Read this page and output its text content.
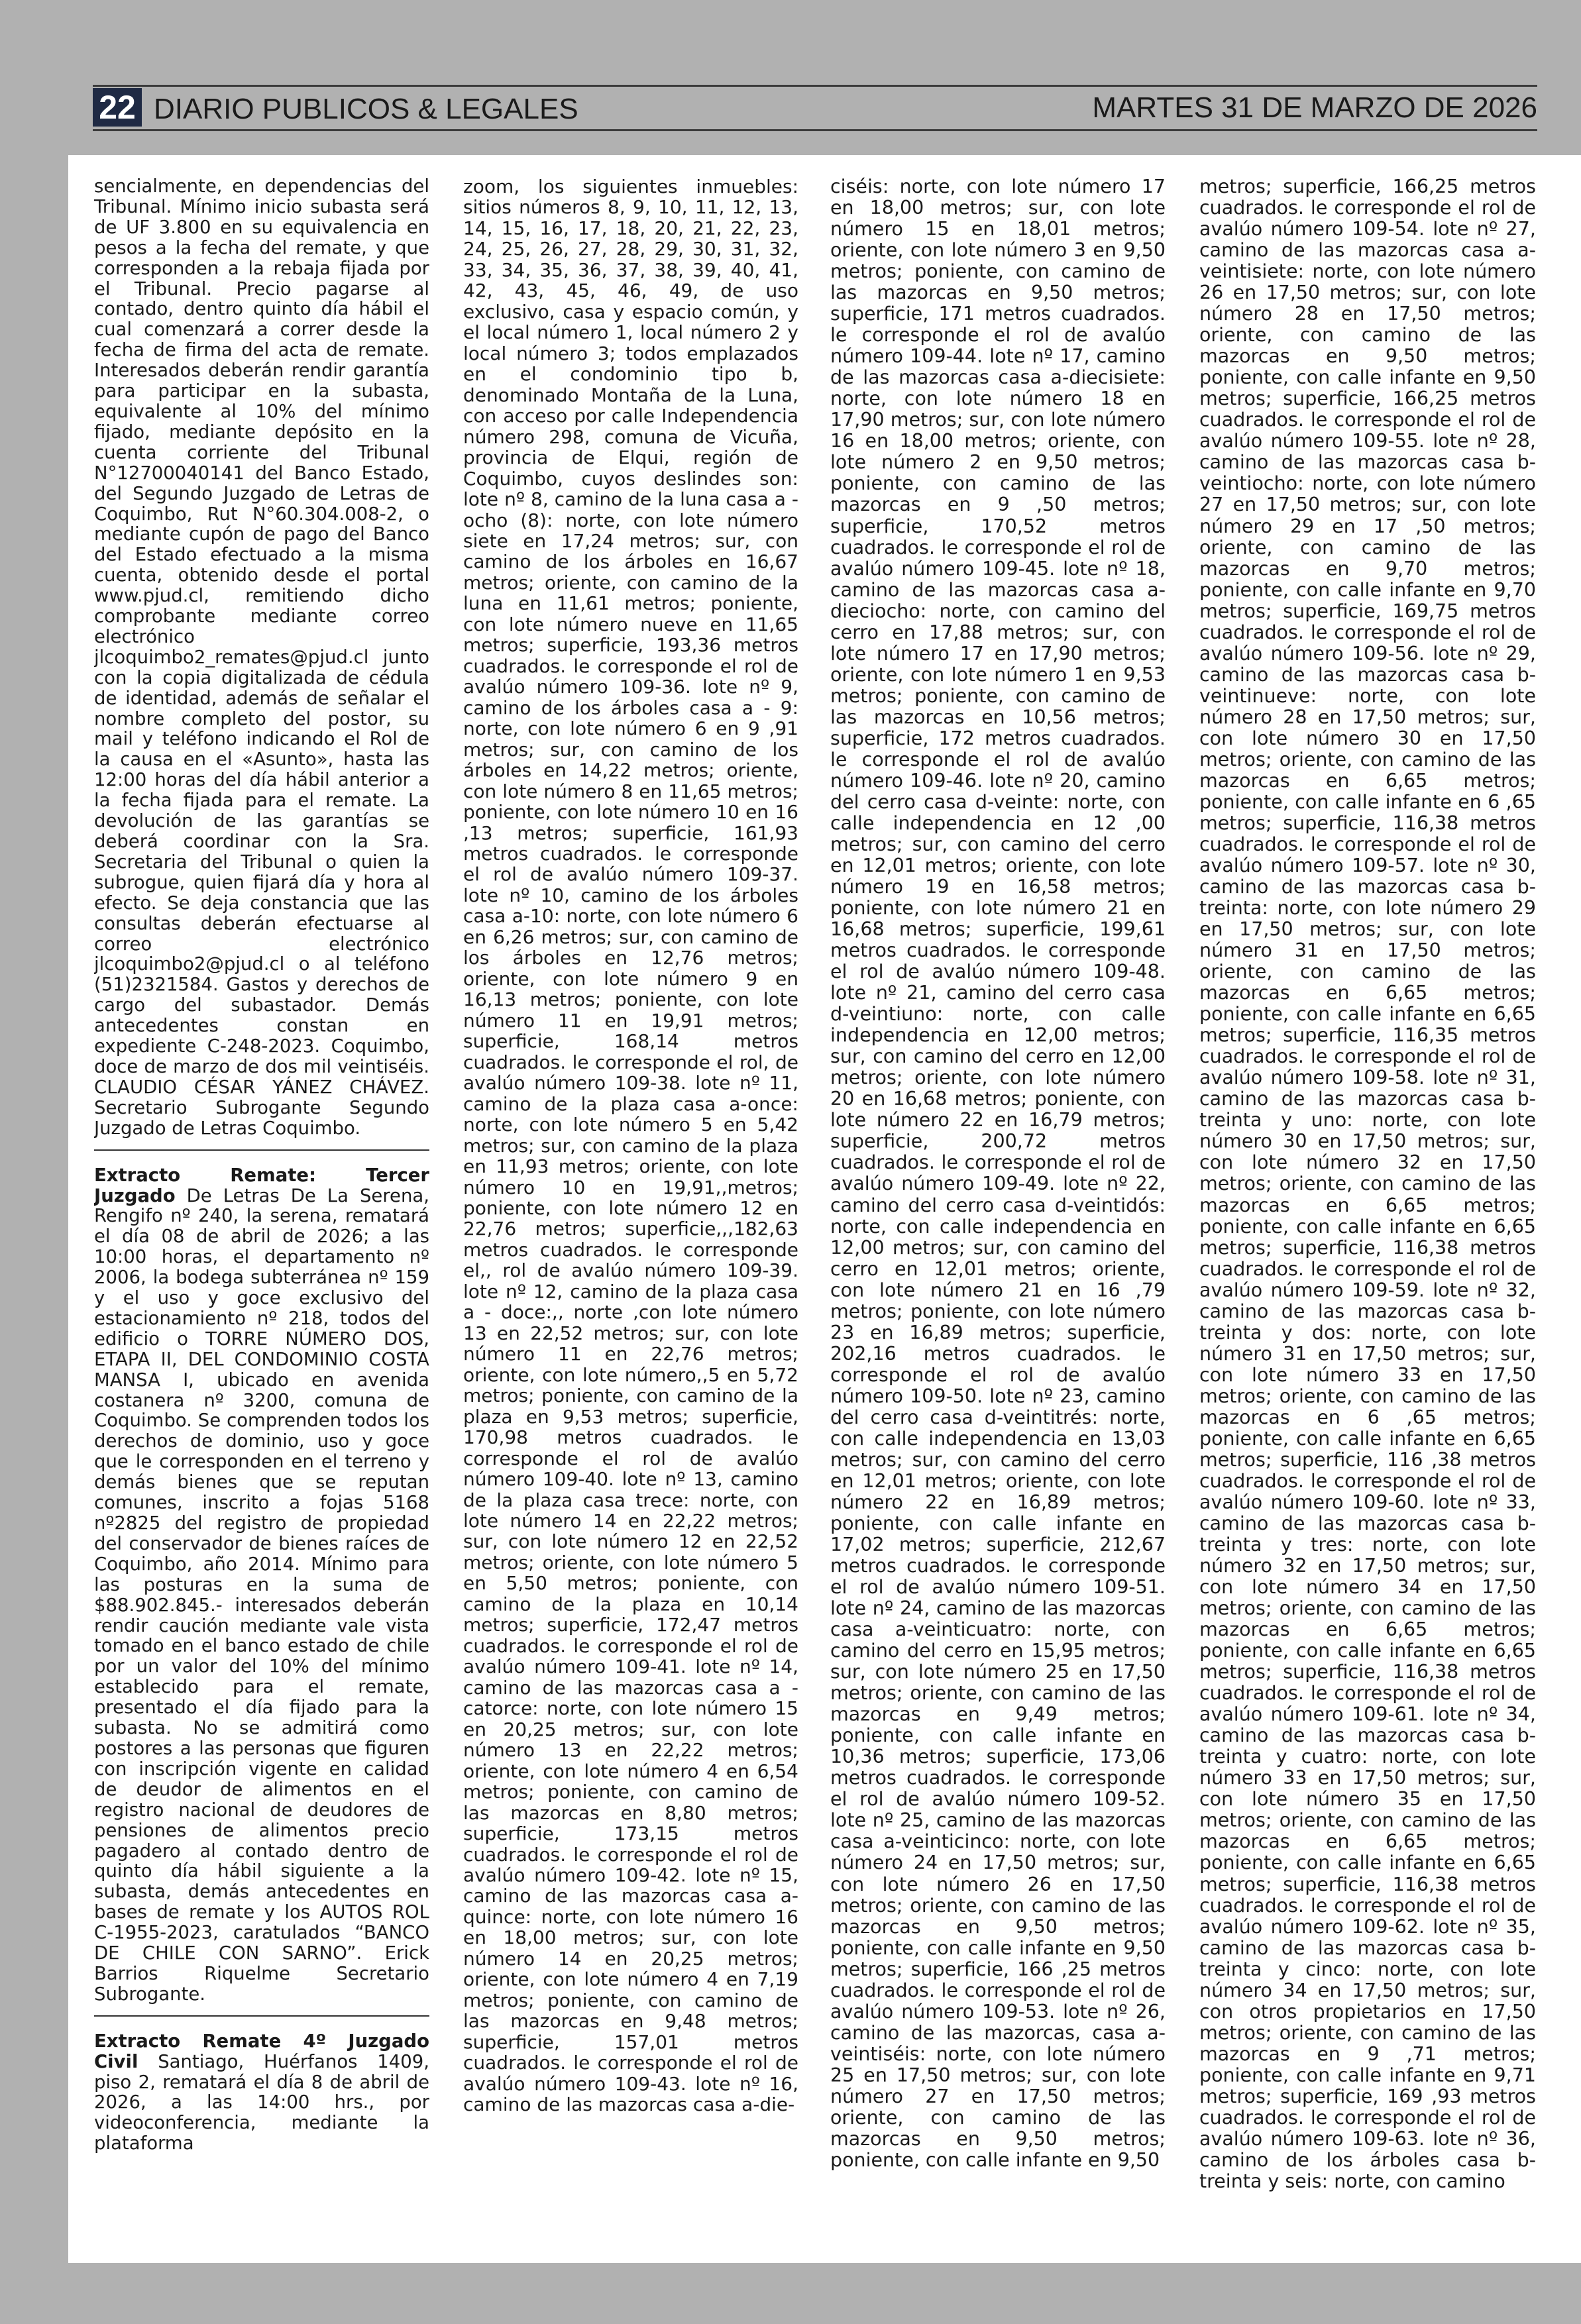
22 DIARIO PUBLICOS & LEGALES	MARTES 31 DE MARZO DE 2026

sencialmente, en dependencias del Tribunal. Mínimo inicio subasta será de UF 3.800 en su equivalencia en pesos a la fecha del remate, y que corresponden a la rebaja fijada por el Tribunal. Precio pagarse al contado, dentro quinto día hábil el cual comenzará a correr desde la fecha de firma del acta de remate. Interesados deberán rendir garantía para participar en la subasta, equivalente al 10% del mínimo fijado, mediante depósito en la cuenta corriente del Tribunal N°12700040141 del Banco Estado, del Segundo Juzgado de Letras de Coquimbo, Rut N°60.304.008-2, o mediante cupón de pago del Banco del Estado efectuado a la misma cuenta, obtenido desde el portal www.pjud.cl, remitiendo dicho comprobante mediante correo electrónico jlcoquimbo2_remates@pjud.cl junto con la copia digitalizada de cédula de identidad, además de señalar el nombre completo del postor, su mail y teléfono indicando el Rol de la causa en el «Asunto», hasta las 12:00 horas del día hábil anterior a la fecha fijada para el remate. La devolución de las garantías se deberá coordinar con la Sra. Secretaria del Tribunal o quien la subrogue, quien fijará día y hora al efecto. Se deja constancia que las consultas deberán efectuarse al correo electrónico jlcoquimbo2@pjud.cl o al teléfono (51)2321584. Gastos y derechos de cargo del subastador. Demás antecedentes constan en expediente C-248-2023. Coquimbo, doce de marzo de dos mil veintiséis. CLAUDIO CÉSAR YÁNEZ CHÁVEZ. Secretario Subrogante Segundo Juzgado de Letras Coquimbo.

Extracto Remate: Tercer Juzgado De Letras De La Serena, Rengifo nº 240, la serena, rematará el día 08 de abril de 2026; a las 10:00 horas, el departamento nº 2006, la bodega subterránea nº 159 y el uso y goce exclusivo del estacionamiento nº 218, todos del edificio o TORRE NÚMERO DOS, ETAPA II, DEL CONDOMINIO COSTA MANSA I, ubicado en avenida costanera nº 3200, comuna de Coquimbo. Se comprenden todos los derechos de dominio, uso y goce que le corresponden en el terreno y demás bienes que se reputan comunes, inscrito a fojas 5168 nº2825 del registro de propiedad del conservador de bienes raíces de Coquimbo, año 2014. Mínimo para las posturas en la suma de $88.902.845.- interesados deberán rendir caución mediante vale vista tomado en el banco estado de chile por un valor del 10% del mínimo establecido para el remate, presentado el día fijado para la subasta. No se admitirá como postores a las personas que figuren con inscripción vigente en calidad de deudor de alimentos en el registro nacional de deudores de pensiones de alimentos precio pagadero al contado dentro de quinto día hábil siguiente a la subasta, demás antecedentes en bases de remate y los AUTOS ROL C-1955-2023, caratulados “BANCO DE CHILE CON SARNO”. Erick Barrios Riquelme Secretario Subrogante.

Extracto Remate 4º Juzgado Civil Santiago, Huérfanos 1409, piso 2, rematará el día 8 de abril de 2026, a las 14:00 hrs., por videoconferencia, mediante la plataforma

zoom, los siguientes inmuebles: sitios números 8, 9, 10, 11, 12, 13, 14, 15, 16, 17, 18, 20, 21, 22, 23, 24, 25, 26, 27, 28, 29, 30, 31, 32, 33, 34, 35, 36, 37, 38, 39, 40, 41, 42, 43, 45, 46, 49, de uso exclusivo, casa y espacio común, y el local número 1, local número 2 y local número 3; todos emplazados en el condominio tipo b, denominado Montaña de la Luna, con acceso por calle Independencia número 298, comuna de Vicuña, provincia de Elqui, región de Coquimbo, cuyos deslindes son: lote nº 8, camino de la luna casa a - ocho (8): norte, con lote número siete en 17,24 metros; sur, con camino de los árboles en 16,67 metros; oriente, con camino de la luna en 11,61 metros; poniente, con lote número nueve en 11,65 metros; superficie, 193,36 metros cuadrados. le corresponde el rol de avalúo número 109-36. lote nº 9, camino de los árboles casa a - 9: norte, con lote número 6 en 9 ,91 metros; sur, con camino de los árboles en 14,22 metros; oriente, con lote número 8 en 11,65 metros; poniente, con lote número 10 en 16 ,13 metros; superficie, 161,93 metros cuadrados. le corresponde el rol de avalúo número 109-37. lote nº 10, camino de los árboles casa a-10: norte, con lote número 6 en 6,26 metros; sur, con camino de los árboles en 12,76 metros; oriente, con lote número 9 en 16,13 metros; poniente, con lote número 11 en 19,91 metros; superficie, 168,14 metros cuadrados. le corresponde el rol, de avalúo número 109-38. lote nº 11, camino de la plaza casa a-once: norte, con lote número 5 en 5,42 metros; sur, con camino de la plaza en 11,93 metros; oriente, con lote número 10 en 19,91,,metros; poniente, con lote número 12 en 22,76 metros; superficie,,,182,63 metros cuadrados. le corresponde el,, rol de avalúo número 109-39. lote nº 12, camino de la plaza casa a - doce:,, norte ,con lote número 13 en 22,52 metros; sur, con lote número 11 en 22,76 metros; oriente, con lote número,,5 en 5,72 metros; poniente, con camino de la plaza en 9,53 metros; superficie, 170,98 metros cuadrados. le corresponde el rol de avalúo número 109-40. lote nº 13, camino de la plaza casa trece: norte, con lote número 14 en 22,22 metros; sur, con lote número 12 en 22,52 metros; oriente, con lote número 5 en 5,50 metros; poniente, con camino de la plaza en 10,14 metros; superficie, 172,47 metros cuadrados. le corresponde el rol de avalúo número 109-41. lote nº 14, camino de las mazorcas casa a - catorce: norte, con lote número 15 en 20,25 metros; sur, con lote número 13 en 22,22 metros; oriente, con lote número 4 en 6,54 metros; poniente, con camino de las mazorcas en 8,80 metros; superficie, 173,15 metros cuadrados. le corresponde el rol de avalúo número 109-42. lote nº 15, camino de las mazorcas casa a-quince: norte, con lote número 16 en 18,00 metros; sur, con lote número 14 en 20,25 metros; oriente, con lote número 4 en 7,19 metros; poniente, con camino de las mazorcas en 9,48 metros; superficie, 157,01 metros cuadrados. le corresponde el rol de avalúo número 109-43. lote nº 16, camino de las mazorcas casa a-die-

ciséis: norte, con lote número 17 en 18,00 metros; sur, con lote número 15 en 18,01 metros; oriente, con lote número 3 en 9,50 metros; poniente, con camino de las mazorcas en 9,50 metros; superficie, 171 metros cuadrados. le corresponde el rol de avalúo número 109-44. lote nº 17, camino de las mazorcas casa a-diecisiete: norte, con lote número 18 en 17,90 metros; sur, con lote número 16 en 18,00 metros; oriente, con lote número 2 en 9,50 metros; poniente, con camino de las mazorcas en 9 ,50 metros; superficie, 170,52 metros cuadrados. le corresponde el rol de avalúo número 109-45. lote nº 18, camino de las mazorcas casa a-dieciocho: norte, con camino del cerro en 17,88 metros; sur, con lote número 17 en 17,90 metros; oriente, con lote número 1 en 9,53 metros; poniente, con camino de las mazorcas en 10,56 metros; superficie, 172 metros cuadrados. le corresponde el rol de avalúo número 109-46. lote nº 20, camino del cerro casa d-veinte: norte, con calle independencia en 12 ,00 metros; sur, con camino del cerro en 12,01 metros; oriente, con lote número 19 en 16,58 metros; poniente, con lote número 21 en 16,68 metros; superficie, 199,61 metros cuadrados. le corresponde el rol de avalúo número 109-48. lote nº 21, camino del cerro casa d-veintiuno: norte, con calle independencia en 12,00 metros; sur, con camino del cerro en 12,00 metros; oriente, con lote número 20 en 16,68 metros; poniente, con lote número 22 en 16,79 metros; superficie, 200,72 metros cuadrados. le corresponde el rol de avalúo número 109-49. lote nº 22, camino del cerro casa d-veintidós: norte, con calle independencia en 12,00 metros; sur, con camino del cerro en 12,01 metros; oriente, con lote número 21 en 16 ,79 metros; poniente, con lote número 23 en 16,89 metros; superficie, 202,16 metros cuadrados. le corresponde el rol de avalúo número 109-50. lote nº 23, camino del cerro casa d-veintitrés: norte, con calle independencia en 13,03 metros; sur, con camino del cerro en 12,01 metros; oriente, con lote número 22 en 16,89 metros; poniente, con calle infante en 17,02 metros; superficie, 212,67 metros cuadrados. le corresponde el rol de avalúo número 109-51. lote nº 24, camino de las mazorcas casa a-veinticuatro: norte, con camino del cerro en 15,95 metros; sur, con lote número 25 en 17,50 metros; oriente, con camino de las mazorcas en 9,49 metros; poniente, con calle infante en 10,36 metros; superficie, 173,06 metros cuadrados. le corresponde el rol de avalúo número 109-52. lote nº 25, camino de las mazorcas casa a-veinticinco: norte, con lote número 24 en 17,50 metros; sur, con lote número 26 en 17,50 metros; oriente, con camino de las mazorcas en 9,50 metros; poniente, con calle infante en 9,50 metros; superficie, 166 ,25 metros cuadrados. le corresponde el rol de avalúo número 109-53. lote nº 26, camino de las mazorcas, casa a-veintiséis: norte, con lote número 25 en 17,50 metros; sur, con lote número 27 en 17,50 metros; oriente, con camino de las mazorcas en 9,50 metros; poniente, con calle infante en 9,50

metros; superficie, 166,25 metros cuadrados. le corresponde el rol de avalúo número 109-54. lote nº 27, camino de las mazorcas casa a-veintisiete: norte, con lote número 26 en 17,50 metros; sur, con lote número 28 en 17,50 metros; oriente, con camino de las mazorcas en 9,50 metros; poniente, con calle infante en 9,50 metros; superficie, 166,25 metros cuadrados. le corresponde el rol de avalúo número 109-55. lote nº 28, camino de las mazorcas casa b-veintiocho: norte, con lote número 27 en 17,50 metros; sur, con lote número 29 en 17 ,50 metros; oriente, con camino de las mazorcas en 9,70 metros; poniente, con calle infante en 9,70 metros; superficie, 169,75 metros cuadrados. le corresponde el rol de avalúo número 109-56. lote nº 29, camino de las mazorcas casa b-veintinueve: norte, con lote número 28 en 17,50 metros; sur, con lote número 30 en 17,50 metros; oriente, con camino de las mazorcas en 6,65 metros; poniente, con calle infante en 6 ,65 metros; superficie, 116,38 metros cuadrados. le corresponde el rol de avalúo número 109-57. lote nº 30, camino de las mazorcas casa b-treinta: norte, con lote número 29 en 17,50 metros; sur, con lote número 31 en 17,50 metros; oriente, con camino de las mazorcas en 6,65 metros; poniente, con calle infante en 6,65 metros; superficie, 116,35 metros cuadrados. le corresponde el rol de avalúo número 109-58. lote nº 31, camino de las mazorcas casa b-treinta y uno: norte, con lote número 30 en 17,50 metros; sur, con lote número 32 en 17,50 metros; oriente, con camino de las mazorcas en 6,65 metros; poniente, con calle infante en 6,65 metros; superficie, 116,38 metros cuadrados. le corresponde el rol de avalúo número 109-59. lote nº 32, camino de las mazorcas casa b-treinta y dos: norte, con lote número 31 en 17,50 metros; sur, con lote número 33 en 17,50 metros; oriente, con camino de las mazorcas en 6 ,65 metros; poniente, con calle infante en 6,65 metros; superficie, 116 ,38 metros cuadrados. le corresponde el rol de avalúo número 109-60. lote nº 33, camino de las mazorcas casa b-treinta y tres: norte, con lote número 32 en 17,50 metros; sur, con lote número 34 en 17,50 metros; oriente, con camino de las mazorcas en 6,65 metros; poniente, con calle infante en 6,65 metros; superficie, 116,38 metros cuadrados. le corresponde el rol de avalúo número 109-61. lote nº 34, camino de las mazorcas casa b-treinta y cuatro: norte, con lote número 33 en 17,50 metros; sur, con lote número 35 en 17,50 metros; oriente, con camino de las mazorcas en 6,65 metros; poniente, con calle infante en 6,65 metros; superficie, 116,38 metros cuadrados. le corresponde el rol de avalúo número 109-62. lote nº 35, camino de las mazorcas casa b-treinta y cinco: norte, con lote número 34 en 17,50 metros; sur, con otros propietarios en 17,50 metros; oriente, con camino de las mazorcas en 9 ,71 metros; poniente, con calle infante en 9,71 metros; superficie, 169 ,93 metros cuadrados. le corresponde el rol de avalúo número 109-63. lote nº 36, camino de los árboles casa b-treinta y seis: norte, con camino
